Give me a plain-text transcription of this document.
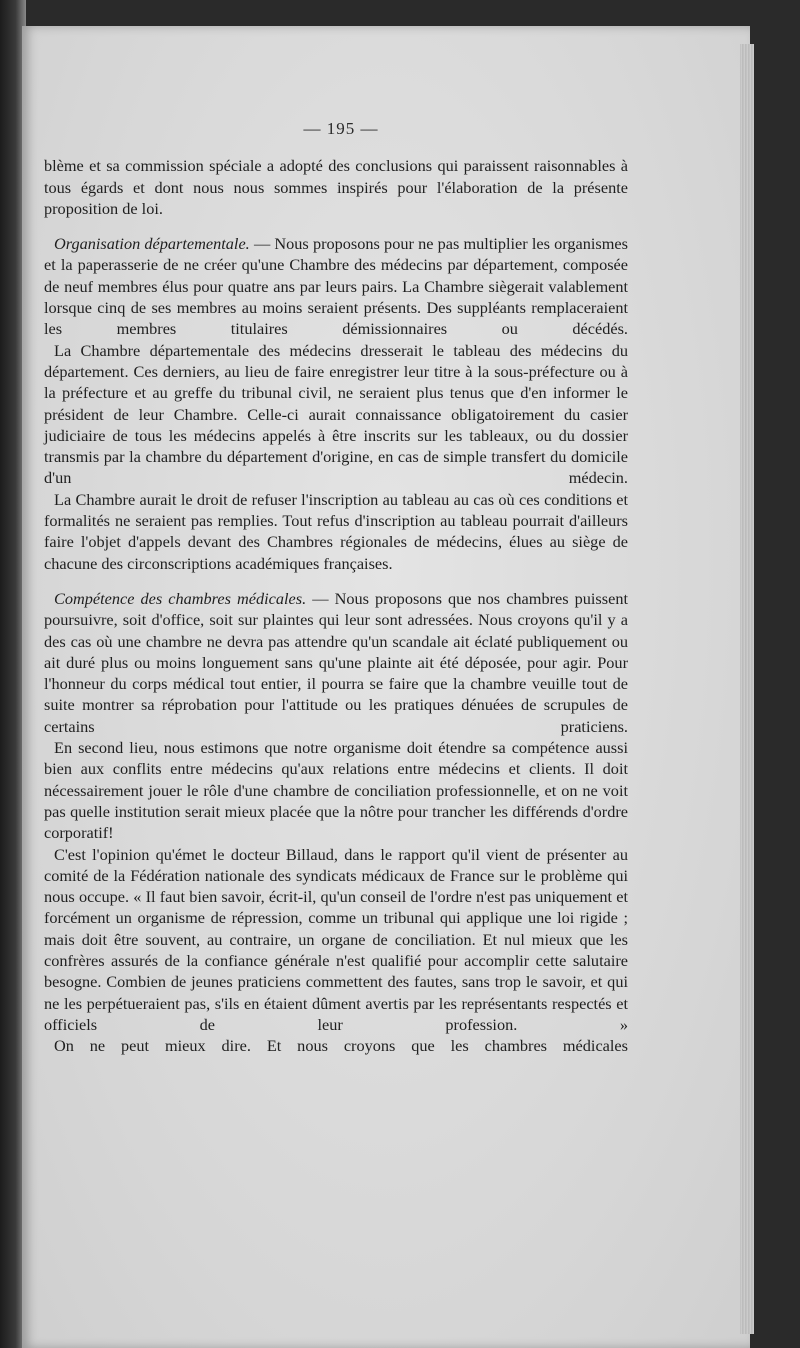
— 195 —

blème et sa commission spéciale a adopté des conclusions qui paraissent raisonnables à tous égards et dont nous nous sommes inspirés pour l'élaboration de la présente proposition de loi.

Organisation départementale. — Nous proposons pour ne pas multiplier les organismes et la paperasserie de ne créer qu'une Chambre des médecins par département, composée de neuf membres élus pour quatre ans par leurs pairs. La Chambre siègerait valablement lorsque cinq de ses membres au moins seraient présents. Des suppléants remplaceraient les membres titulaires démissionnaires ou décédés.

La Chambre départementale des médecins dresserait le tableau des médecins du département. Ces derniers, au lieu de faire enregistrer leur titre à la sous-préfecture ou à la préfecture et au greffe du tribunal civil, ne seraient plus tenus que d'en informer le président de leur Chambre. Celle-ci aurait connaissance obligatoirement du casier judiciaire de tous les médecins appelés à être inscrits sur les tableaux, ou du dossier transmis par la chambre du département d'origine, en cas de simple transfert du domicile d'un médecin.

La Chambre aurait le droit de refuser l'inscription au tableau au cas où ces conditions et formalités ne seraient pas remplies. Tout refus d'inscription au tableau pourrait d'ailleurs faire l'objet d'appels devant des Chambres régionales de médecins, élues au siège de chacune des circonscriptions académiques françaises.

Compétence des chambres médicales. — Nous proposons que nos chambres puissent poursuivre, soit d'office, soit sur plaintes qui leur sont adressées. Nous croyons qu'il y a des cas où une chambre ne devra pas attendre qu'un scandale ait éclaté publiquement ou ait duré plus ou moins longuement sans qu'une plainte ait été déposée, pour agir. Pour l'honneur du corps médical tout entier, il pourra se faire que la chambre veuille tout de suite montrer sa réprobation pour l'attitude ou les pratiques dénuées de scrupules de certains praticiens.

En second lieu, nous estimons que notre organisme doit étendre sa compétence aussi bien aux conflits entre médecins qu'aux relations entre médecins et clients. Il doit nécessairement jouer le rôle d'une chambre de conciliation professionnelle, et on ne voit pas quelle institution serait mieux placée que la nôtre pour trancher les différends d'ordre corporatif!

C'est l'opinion qu'émet le docteur Billaud, dans le rapport qu'il vient de présenter au comité de la Fédération nationale des syndicats médicaux de France sur le problème qui nous occupe. « Il faut bien savoir, écrit-il, qu'un conseil de l'ordre n'est pas uniquement et forcément un organisme de répression, comme un tribunal qui applique une loi rigide ; mais doit être souvent, au contraire, un organe de conciliation. Et nul mieux que les confrères assurés de la confiance générale n'est qualifié pour accomplir cette salutaire besogne. Combien de jeunes praticiens commettent des fautes, sans trop le savoir, et qui ne les perpétueraient pas, s'ils en étaient dûment avertis par les représentants respectés et officiels de leur profession. »

On ne peut mieux dire. Et nous croyons que les chambres médicales
